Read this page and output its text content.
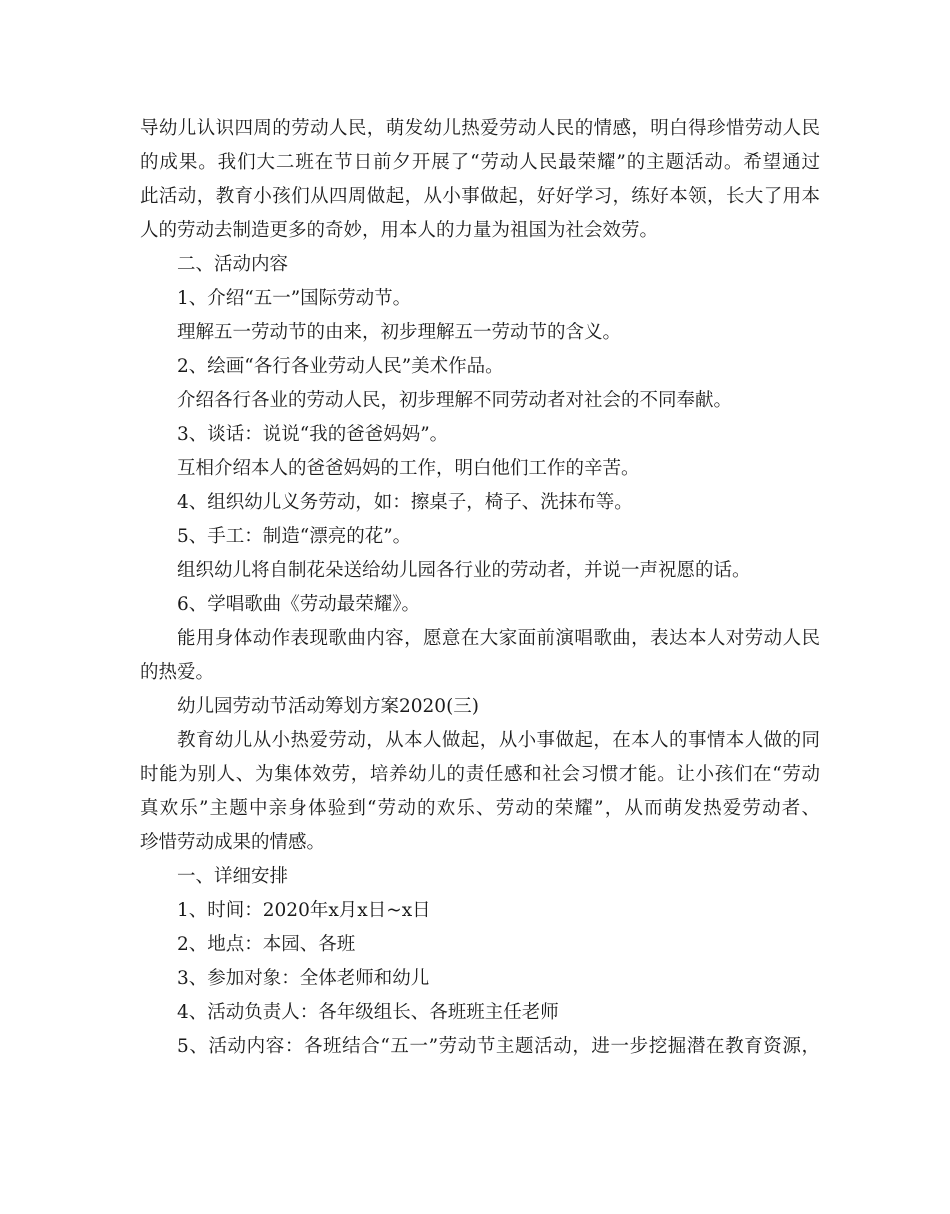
导幼儿认识四周的劳动人民，萌发幼儿热爱劳动人民的情感，明白得珍惜劳动人民
的成果。我们大二班在节日前夕开展了“劳动人民最荣耀”的主题活动。希望通过
此活动，教育小孩们从四周做起，从小事做起，好好学习，练好本领，长大了用本
人的劳动去制造更多的奇妙，用本人的力量为祖国为社会效劳。
二、活动内容
1、介绍“五一”国际劳动节。
理解五一劳动节的由来，初步理解五一劳动节的含义。
2、绘画“各行各业劳动人民”美术作品。
介绍各行各业的劳动人民，初步理解不同劳动者对社会的不同奉献。
3、谈话：说说“我的爸爸妈妈”。
互相介绍本人的爸爸妈妈的工作，明白他们工作的辛苦。
4、组织幼儿义务劳动，如：擦桌子，椅子、洗抹布等。
5、手工：制造“漂亮的花”。
组织幼儿将自制花朵送给幼儿园各行业的劳动者，并说一声祝愿的话。
6、学唱歌曲《劳动最荣耀》。
能用身体动作表现歌曲内容，愿意在大家面前演唱歌曲，表达本人对劳动人民
的热爱。
幼儿园劳动节活动筹划方案2020(三)
教育幼儿从小热爱劳动，从本人做起，从小事做起，在本人的事情本人做的同
时能为别人、为集体效劳，培养幼儿的责任感和社会习惯才能。让小孩们在“劳动
真欢乐”主题中亲身体验到“劳动的欢乐、劳动的荣耀”，从而萌发热爱劳动者、
珍惜劳动成果的情感。
一、详细安排
1、时间：2020年x月x日~x日
2、地点：本园、各班
3、参加对象：全体老师和幼儿
4、活动负责人：各年级组长、各班班主任老师
5、活动内容：各班结合“五一”劳动节主题活动，进一步挖掘潜在教育资源，
